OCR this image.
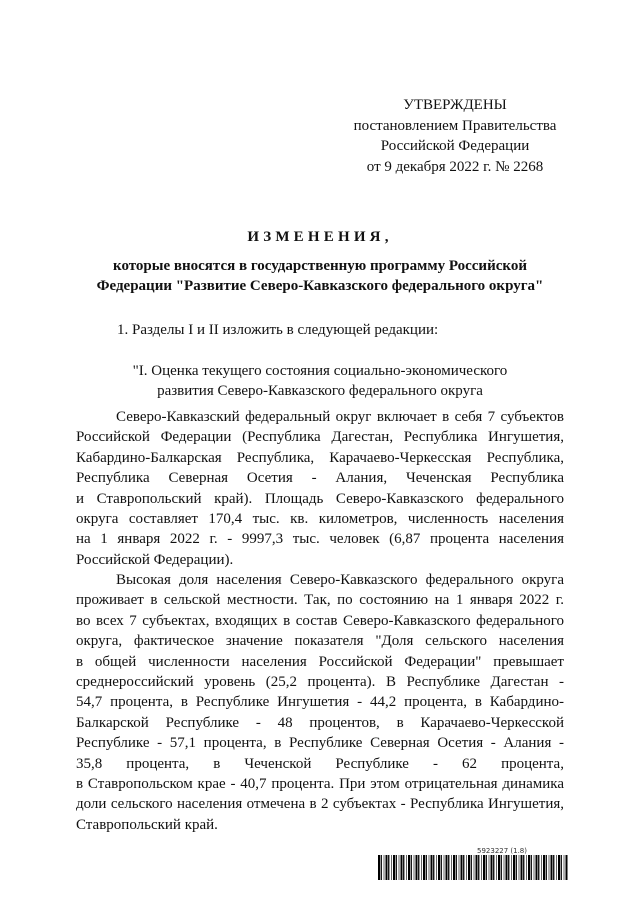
УТВЕРЖДЕНЫ
постановлением Правительства
Российской Федерации
от 9 декабря 2022 г. № 2268
ИЗМЕНЕНИЯ,
которые вносятся в государственную программу Российской
Федерации "Развитие Северо-Кавказского федерального округа"
1. Разделы I и II изложить в следующей редакции:
"I. Оценка текущего состояния социально-экономического
развития Северо-Кавказского федерального округа
Северо-Кавказский федеральный округ включает в себя 7 субъектов
Российской Федерации (Республика Дагестан, Республика Ингушетия,
Кабардино-Балкарская Республика, Карачаево-Черкесская Республика,
Республика Северная Осетия - Алания, Чеченская Республика
и Ставропольский край). Площадь Северо-Кавказского федерального
округа составляет 170,4 тыс. кв. километров, численность населения
на 1 января 2022 г. - 9997,3 тыс. человек (6,87 процента населения
Российской Федерации).
Высокая доля населения Северо-Кавказского федерального округа
проживает в сельской местности. Так, по состоянию на 1 января 2022 г.
во всех 7 субъектах, входящих в состав Северо-Кавказского федерального
округа, фактическое значение показателя "Доля сельского населения
в общей численности населения Российской Федерации" превышает
среднероссийский уровень (25,2 процента). В Республике Дагестан -
54,7 процента, в Республике Ингушетия - 44,2 процента, в Кабардино-
Балкарской Республике - 48 процентов, в Карачаево-Черкесской
Республике - 57,1 процента, в Республике Северная Осетия - Алания -
35,8 процента, в Чеченской Республике - 62 процента,
в Ставропольском крае - 40,7 процента. При этом отрицательная динамика
доли сельского населения отмечена в 2 субъектах - Республика Ингушетия,
Ставропольский край.
5923227 (1.8)
